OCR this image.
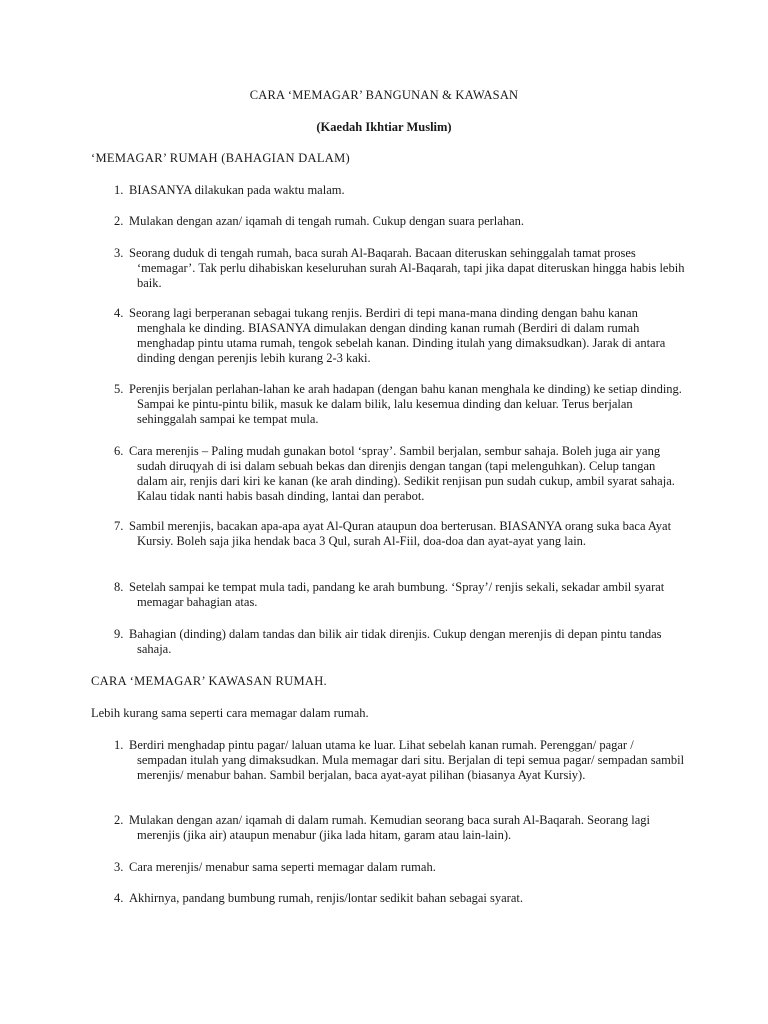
CARA ‘MEMAGAR’ BANGUNAN & KAWASAN
(Kaedah Ikhtiar Muslim)
‘MEMAGAR’ RUMAH (BAHAGIAN DALAM)
1. BIASANYA dilakukan pada waktu malam.

2. Mulakan dengan azan/ iqamah di tengah rumah. Cukup dengan suara perlahan.

3. Seorang duduk di tengah rumah, baca surah Al-Baqarah. Bacaan diteruskan sehinggalah tamat proses ‘memagar’. Tak perlu dihabiskan keseluruhan surah Al-Baqarah, tapi jika dapat diteruskan hingga habis lebih baik.

4. Seorang lagi berperanan sebagai tukang renjis. Berdiri di tepi mana-mana dinding dengan bahu kanan menghala ke dinding. BIASANYA dimulakan dengan dinding kanan rumah (Berdiri di dalam rumah menghadap pintu utama rumah, tengok sebelah kanan. Dinding itulah yang dimaksudkan). Jarak di antara dinding dengan perenjis lebih kurang 2-3 kaki.

5. Perenjis berjalan perlahan-lahan ke arah hadapan (dengan bahu kanan menghala ke dinding) ke setiap dinding. Sampai ke pintu-pintu bilik, masuk ke dalam bilik, lalu kesemua dinding dan keluar. Terus berjalan sehinggalah sampai ke tempat mula.

6. Cara merenjis – Paling mudah gunakan botol ‘spray’. Sambil berjalan, sembur sahaja. Boleh juga air yang sudah diruqyah di isi dalam sebuah bekas dan direnjis dengan tangan (tapi melenguhkan). Celup tangan dalam air, renjis dari kiri ke kanan (ke arah dinding). Sedikit renjisan pun sudah cukup, ambil syarat sahaja. Kalau tidak nanti habis basah dinding, lantai dan perabot.

7. Sambil merenjis, bacakan apa-apa ayat Al-Quran ataupun doa berterusan. BIASANYA orang suka baca Ayat Kursiy. Boleh saja jika hendak baca 3 Qul, surah Al-Fiil, doa-doa dan ayat-ayat yang lain.

8. Setelah sampai ke tempat mula tadi, pandang ke arah bumbung. ‘Spray’/ renjis sekali, sekadar ambil syarat memagar bahagian atas.

9. Bahagian (dinding) dalam tandas dan bilik air tidak direnjis. Cukup dengan merenjis di depan pintu tandas sahaja.

CARA ‘MEMAGAR’ KAWASAN RUMAH.

Lebih kurang sama seperti cara memagar dalam rumah.

1. Berdiri menghadap pintu pagar/ laluan utama ke luar. Lihat sebelah kanan rumah. Perenggan/ pagar / sempadan itulah yang dimaksudkan. Mula memagar dari situ. Berjalan di tepi semua pagar/ sempadan sambil merenjis/ menabur bahan. Sambil berjalan, baca ayat-ayat pilihan (biasanya Ayat Kursiy).

2. Mulakan dengan azan/ iqamah di dalam rumah. Kemudian seorang baca surah Al-Baqarah. Seorang lagi merenjis (jika air) ataupun menabur (jika lada hitam, garam atau lain-lain).

3. Cara merenjis/ menabur sama seperti memagar dalam rumah.

4. Akhirnya, pandang bumbung rumah, renjis/lontar sedikit bahan sebagai syarat.
